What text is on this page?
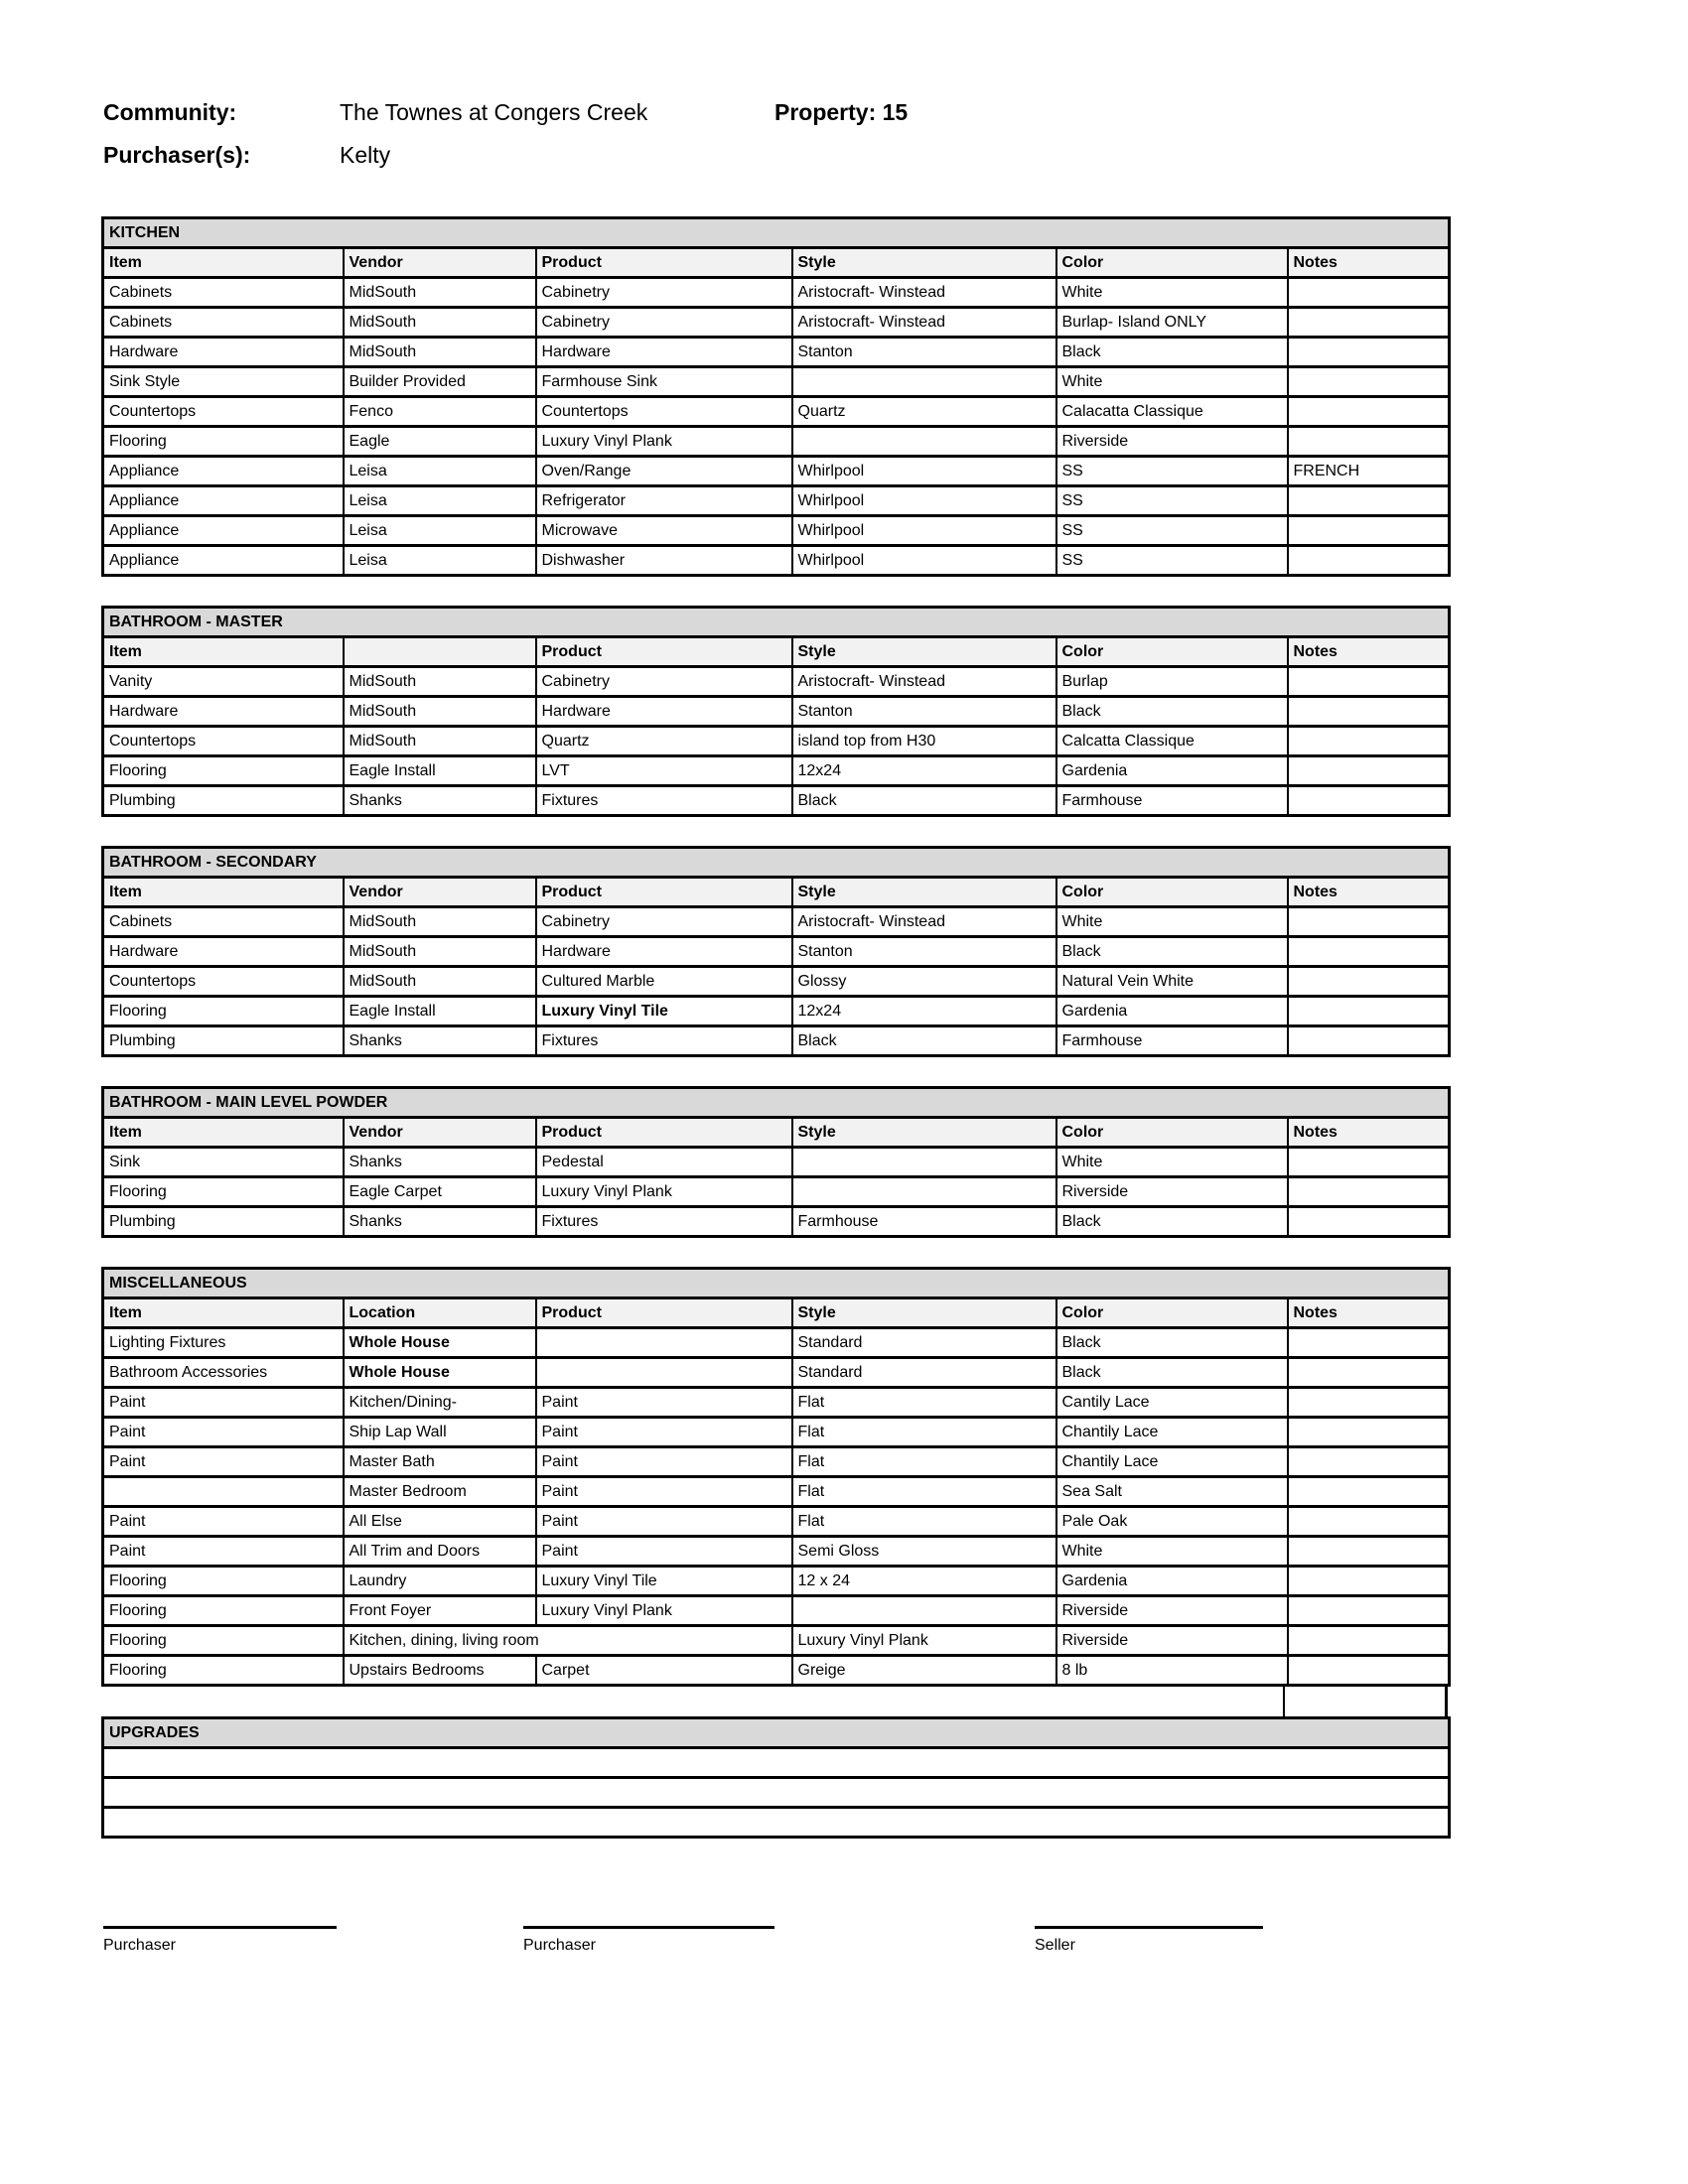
Community:	The Townes at Congers Creek	Property: 15
Purchaser(s):	Kelty
KITCHEN					
Item	Vendor	Product	Style	Color	Notes
Cabinets	MidSouth	Cabinetry	Aristocraft- Winstead	White	
Cabinets	MidSouth	Cabinetry	Aristocraft- Winstead	Burlap- Island ONLY	
Hardware	MidSouth	Hardware	Stanton	Black	
Sink Style	Builder Provided	Farmhouse Sink		White	
Countertops	Fenco	Countertops	Quartz	Calacatta Classique	
Flooring	Eagle	Luxury Vinyl Plank		Riverside	
Appliance	Leisa	Oven/Range	Whirlpool	SS	FRENCH
Appliance	Leisa	Refrigerator	Whirlpool	SS	
Appliance	Leisa	Microwave	Whirlpool	SS	
Appliance	Leisa	Dishwasher	Whirlpool	SS	
BATHROOM - MASTER					
Item		Product	Style	Color	Notes
Vanity	MidSouth	Cabinetry	Aristocraft- Winstead	Burlap	
Hardware	MidSouth	Hardware	Stanton	Black	
Countertops	MidSouth	Quartz	island top from H30	Calcatta Classique	
Flooring	Eagle Install	LVT	12x24	Gardenia	
Plumbing	Shanks	Fixtures	Black	Farmhouse	
BATHROOM - SECONDARY					
Item	Vendor	Product	Style	Color	Notes
Cabinets	MidSouth	Cabinetry	Aristocraft- Winstead	White	
Hardware	MidSouth	Hardware	Stanton	Black	
Countertops	MidSouth	Cultured Marble	Glossy	Natural Vein White	
Flooring	Eagle Install	Luxury Vinyl Tile	12x24	Gardenia	
Plumbing	Shanks	Fixtures	Black	Farmhouse	
BATHROOM - MAIN LEVEL POWDER					
Item	Vendor	Product	Style	Color	Notes
Sink	Shanks	Pedestal		White	
Flooring	Eagle Carpet	Luxury Vinyl Plank		Riverside	
Plumbing	Shanks	Fixtures	Farmhouse	Black	
MISCELLANEOUS					
Item	Location	Product	Style	Color	Notes
Lighting Fixtures	Whole House		Standard	Black	
Bathroom Accessories	Whole House		Standard	Black	
Paint	Kitchen/Dining-	Paint	Flat	Cantily Lace	
Paint	Ship Lap Wall	Paint	Flat	Chantily Lace	
Paint	Master Bath	Paint	Flat	Chantily Lace	
	Master Bedroom	Paint	Flat	Sea Salt	
Paint	All Else	Paint	Flat	Pale Oak	
Paint	All Trim and Doors	Paint	Semi Gloss	White	
Flooring	Laundry	Luxury Vinyl Tile	12 x 24	Gardenia	
Flooring	Front Foyer	Luxury Vinyl Plank		Riverside	
Flooring	Kitchen, dining, living room		Luxury Vinyl Plank	Riverside	
Flooring	Upstairs Bedrooms	Carpet	Greige	8 lb	
UPGRADES

Purchaser	Purchaser	Seller
